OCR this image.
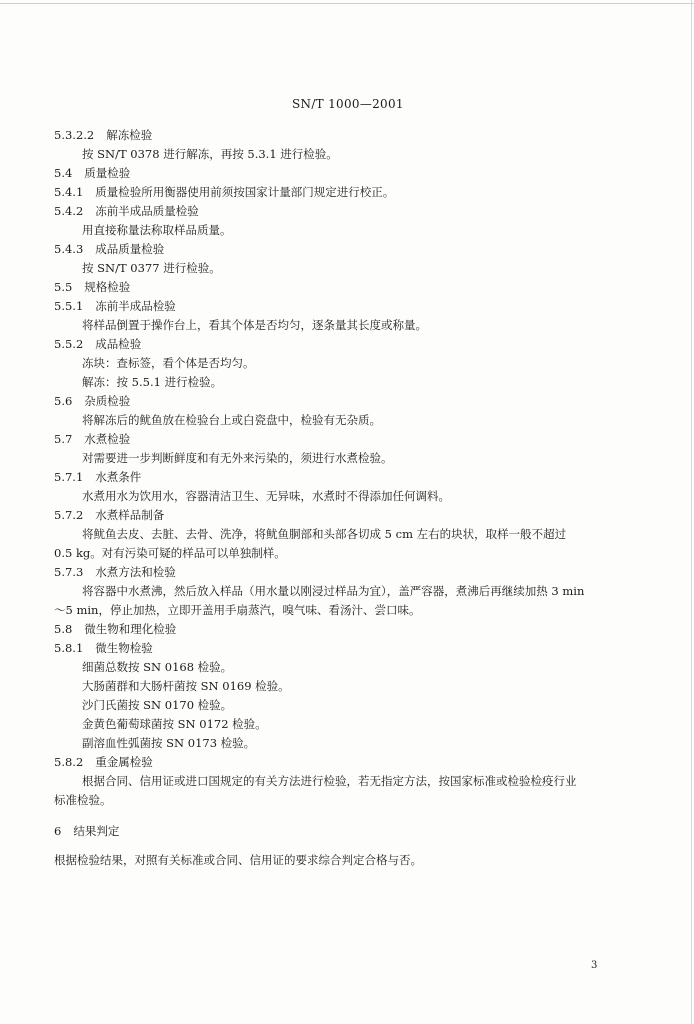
SN/T 1000—2001
5.3.2.2 解冻检验
按 SN/T 0378 进行解冻，再按 5.3.1 进行检验。
5.4 质量检验
5.4.1 质量检验所用衡器使用前须按国家计量部门规定进行校正。
5.4.2 冻前半成品质量检验
用直接称量法称取样品质量。
5.4.3 成品质量检验
按 SN/T 0377 进行检验。
5.5 规格检验
5.5.1 冻前半成品检验
将样品倒置于操作台上，看其个体是否均匀，逐条量其长度或称量。
5.5.2 成品检验
冻块：查标签，看个体是否均匀。
解冻：按 5.5.1 进行检验。
5.6 杂质检验
将解冻后的鱿鱼放在检验台上或白瓷盘中，检验有无杂质。
5.7 水煮检验
对需要进一步判断鲜度和有无外来污染的，须进行水煮检验。
5.7.1 水煮条件
水煮用水为饮用水，容器清洁卫生、无异味，水煮时不得添加任何调料。
5.7.2 水煮样品制备
将鱿鱼去皮、去脏、去骨、洗净，将鱿鱼胴部和头部各切成 5 cm 左右的块状，取样一般不超过
0.5 kg。对有污染可疑的样品可以单独制样。
5.7.3 水煮方法和检验
将容器中水煮沸，然后放入样品（用水量以刚浸过样品为宜），盖严容器，煮沸后再继续加热 3 min
～5 min，停止加热，立即开盖用手扇蒸汽，嗅气味、看汤汁、尝口味。
5.8 微生物和理化检验
5.8.1 微生物检验
细菌总数按 SN 0168 检验。
大肠菌群和大肠杆菌按 SN 0169 检验。
沙门氏菌按 SN 0170 检验。
金黄色葡萄球菌按 SN 0172 检验。
副溶血性弧菌按 SN 0173 检验。
5.8.2 重金属检验
根据合同、信用证或进口国规定的有关方法进行检验，若无指定方法，按国家标准或检验检疫行业
标准检验。
6 结果判定
根据检验结果，对照有关标准或合同、信用证的要求综合判定合格与否。
3
